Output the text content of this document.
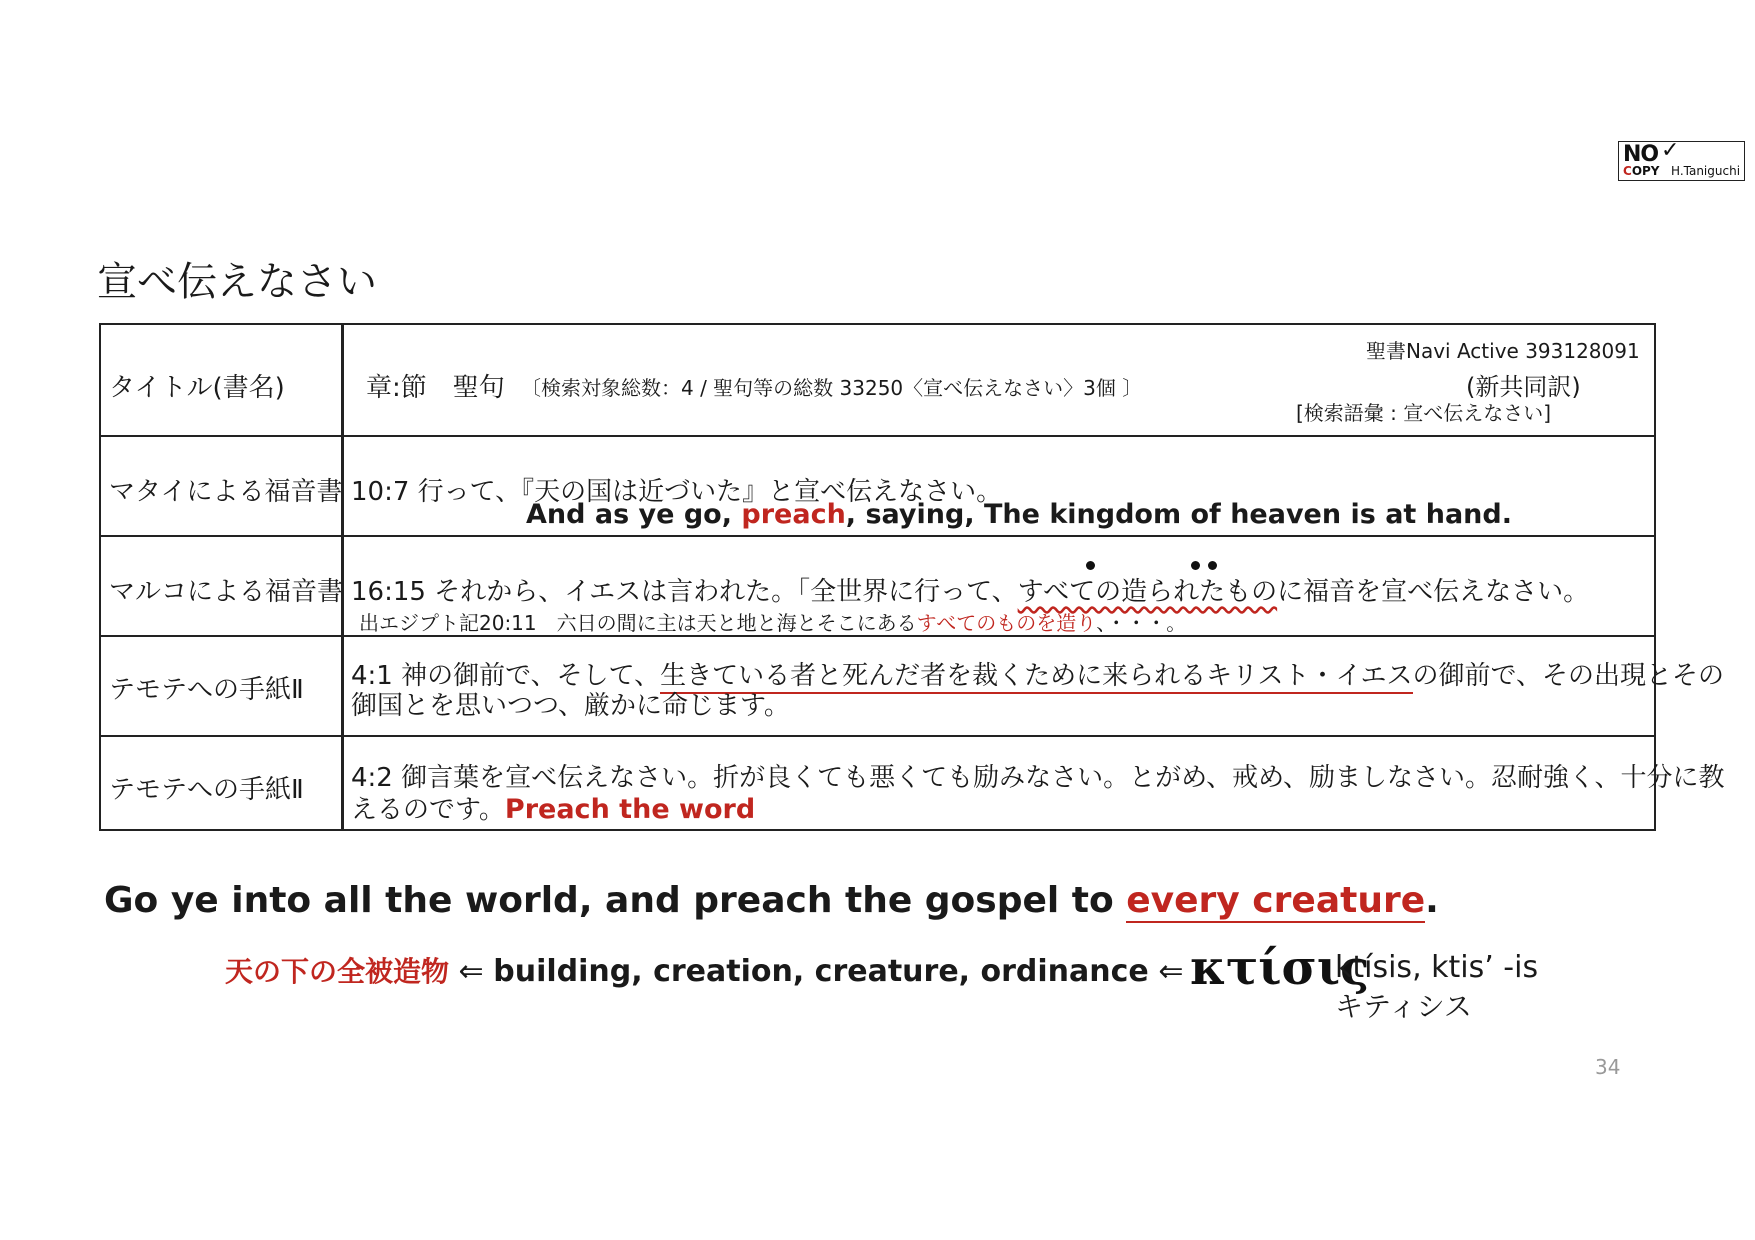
NO ✓
COPY H.Taniguchi
宣べ伝えなさい
タイトル(書名)	章:節　聖句 〔検索対象総数：4 / 聖句等の総数 33250〈宣べ伝えなさい〉3個 〕
聖書Navi Active 393128091
(新共同訳)
[検索語彙 : 宣べ伝えなさい]
マタイによる福音書 10:7 行って、『天の国は近づいた』と宣べ伝えなさい。
And as ye go, preach, saying, The kingdom of heaven is at hand.
マルコによる福音書 16:15 それから、イエスは言われた。「全世界に行って、すべての造られたものに福音を宣べ伝えなさい。
出エジプト記20:11　六日の間に主は天と地と海とそこにあるすべてのものを造り、・・・。
テモテへの手紙Ⅱ 4:1 神の御前で、そして、生きている者と死んだ者を裁くために来られるキリスト・イエスの御前で、その出現とその
御国とを思いつつ、厳かに命じます。
テモテへの手紙Ⅱ 4:2 御言葉を宣べ伝えなさい。折が良くても悪くても励みなさい。とがめ、戒め、励ましなさい。忍耐強く、十分に教
えるのです。Preach the word
Go ye into all the world, and preach the gospel to every creature.
天の下の全被造物 ⇐ building, creation, creature, ordinance ⇐ κτίσις
ktísis, ktis’ -is
キティシス
34
